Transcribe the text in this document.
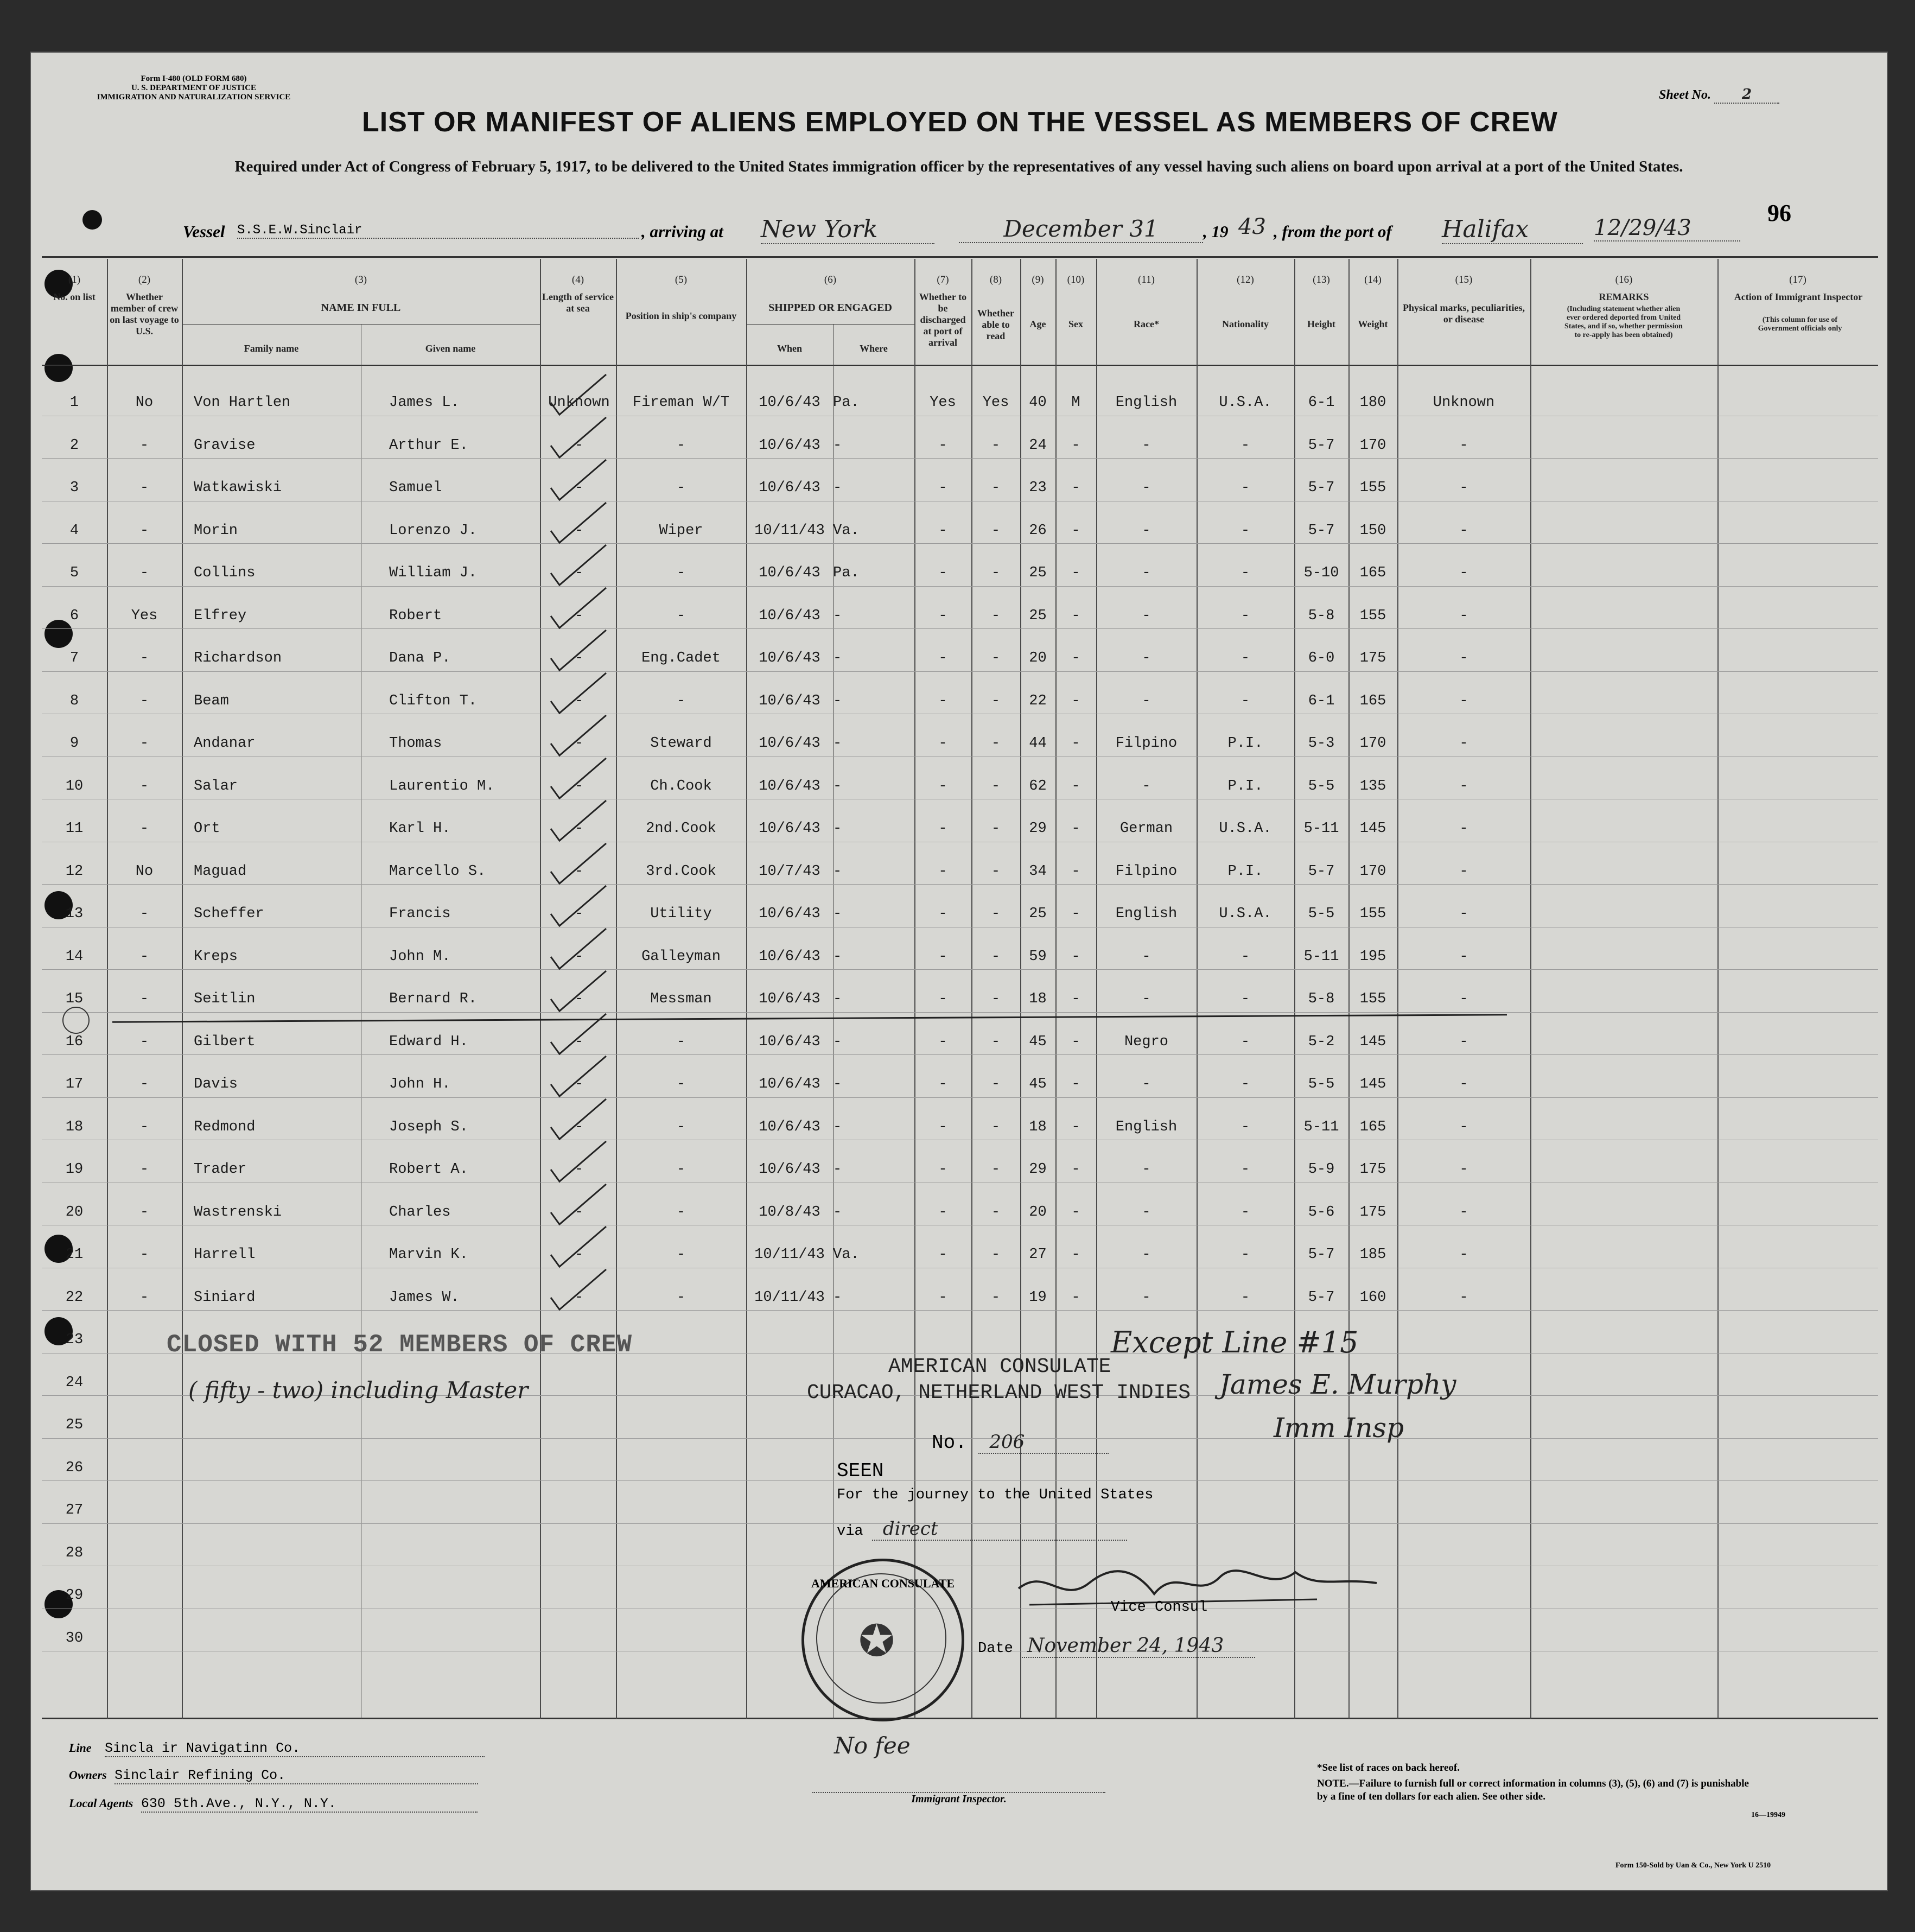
Form I-480 (OLD FORM 680)
U. S. DEPARTMENT OF JUSTICE
IMMIGRATION AND NATURALIZATION SERVICE	Sheet No. 2
LIST OR MANIFEST OF ALIENS EMPLOYED ON THE VESSEL AS MEMBERS OF CREW
Required under Act of Congress of February 5, 1917, to be delivered to the United States immigration officer by the representatives of any vessel having such aliens on board upon arrival at a port of the United States.
96
Vessel S.S.E.W.Sinclair	, arriving at New York	December 31	, 19 43 , from the port of Halifax	12/29/43
(1)	(2)	(3)	(4)	(5)	(6)	(7)	(8)	(9)	(10)	(11)	(12)	(13)	(14)	(15)	(16)	(17)
No. on list	Whether member of crew on last voyage to U.S.
NAME IN FULL
Length of service at sea
Position in ship's company
SHIPPED OR ENGAGED
Whether to be discharged at port of arrival
Whether able to read
Age	Sex	Race*	Nationality	Height	Weight
Physical marks, peculiarities, or disease
REMARKS
(Including statement whether alien ever ordered deported from United States, and if so, whether permission to re-apply has been obtained)
Action of Immigrant Inspector
(This column for use of Government officials only
Family name	Given name	When	Where
1	No	Von Hartlen	James L.	Unknown	Fireman W/T	10/6/43 Pa.	Yes	Yes	40	M	English	U.S.A.	6-1	180	Unknown
2	-	Gravise	Arthur E.	-	-	10/6/43 -	-	-	24	-	-	-	5-7	170	-
3	-	Watkawiski	Samuel	-	-	10/6/43 -	-	-	23	-	-	-	5-7	155	-
4	-	Morin	Lorenzo J.	-	Wiper	10/11/43 Va.	-	-	26	-	-	-	5-7	150	-
5	-	Collins	William J.	-	-	10/6/43 Pa.	-	-	25	-	-	-	5-10	165	-
6	Yes	Elfrey	Robert	-	-	10/6/43 -	-	-	25	-	-	-	5-8	155	-
7	-	Richardson	Dana P.	-	Eng.Cadet	10/6/43 -	-	-	20	-	-	-	6-0	175	-
8	-	Beam	Clifton T.	-	-	10/6/43 -	-	-	22	-	-	-	6-1	165	-
9	-	Andanar	Thomas	-	Steward	10/6/43 -	-	-	44	-	Filpino	P.I.	5-3	170	-
10	-	Salar	Laurentio M.	-	Ch.Cook	10/6/43 -	-	-	62	-	-	P.I.	5-5	135	-
11	-	Ort	Karl H.	-	2nd.Cook	10/6/43 -	-	-	29	-	German	U.S.A.	5-11	145	-
12	No	Maguad	Marcello S.	-	3rd.Cook	10/7/43 -	-	-	34	-	Filpino	P.I.	5-7	170	-
13	-	Scheffer	Francis	-	Utility	10/6/43 -	-	-	25	-	English	U.S.A.	5-5	155	-
14	-	Kreps	John M.	-	Galleyman	10/6/43 -	-	-	59	-	-	-	5-11	195	-
15	-	Seitlin	Bernard R.	-	Messman	10/6/43 -	-	-	18	-	-	-	5-8	155	-
16	-	Gilbert	Edward H.	-	-	10/6/43 -	-	-	45	-	Negro	-	5-2	145	-
17	-	Davis	John H.	-	-	10/6/43 -	-	-	45	-	-	-	5-5	145	-
18	-	Redmond	Joseph S.	-	-	10/6/43 -	-	-	18	-	English	-	5-11	165	-
19	-	Trader	Robert A.	-	-	10/6/43 -	-	-	29	-	-	-	5-9	175	-
20	-	Wastrenski	Charles	-	-	10/8/43 -	-	-	20	-	-	-	5-6	175	-
21	-	Harrell	Marvin K.	-	-	10/11/43 Va.	-	-	27	-	-	-	5-7	185	-
22	-	Siniard	James W.	-	-	10/11/43 -	-	-	19	-	-	-	5-7	160	-
23
24
25
26
27
28
29
30
CLOSED WITH 52 MEMBERS OF CREW
( fifty - two) including Master
Except Line #15
James E. Murphy
Imm Insp
AMERICAN CONSULATE
CURACAO, NETHERLAND WEST INDIES
No. 206
SEEN
For the journey to the United States
via direct
Vice Consul
Date November 24, 1943
AMERICAN CONSULATE
✪
No fee
Line Sincla ir Navigatinn Co.
Owners Sinclair Refining Co.
Local Agents 630 5th.Ave., N.Y., N.Y.	Immigrant Inspector.
*See list of races on back hereof.
NOTE.—Failure to furnish full or correct information in columns (3), (5), (6) and (7) is punishable by a fine of ten dollars for each alien. See other side.
16—19949
Form 150-Sold by Uan & Co., New York U 2510
